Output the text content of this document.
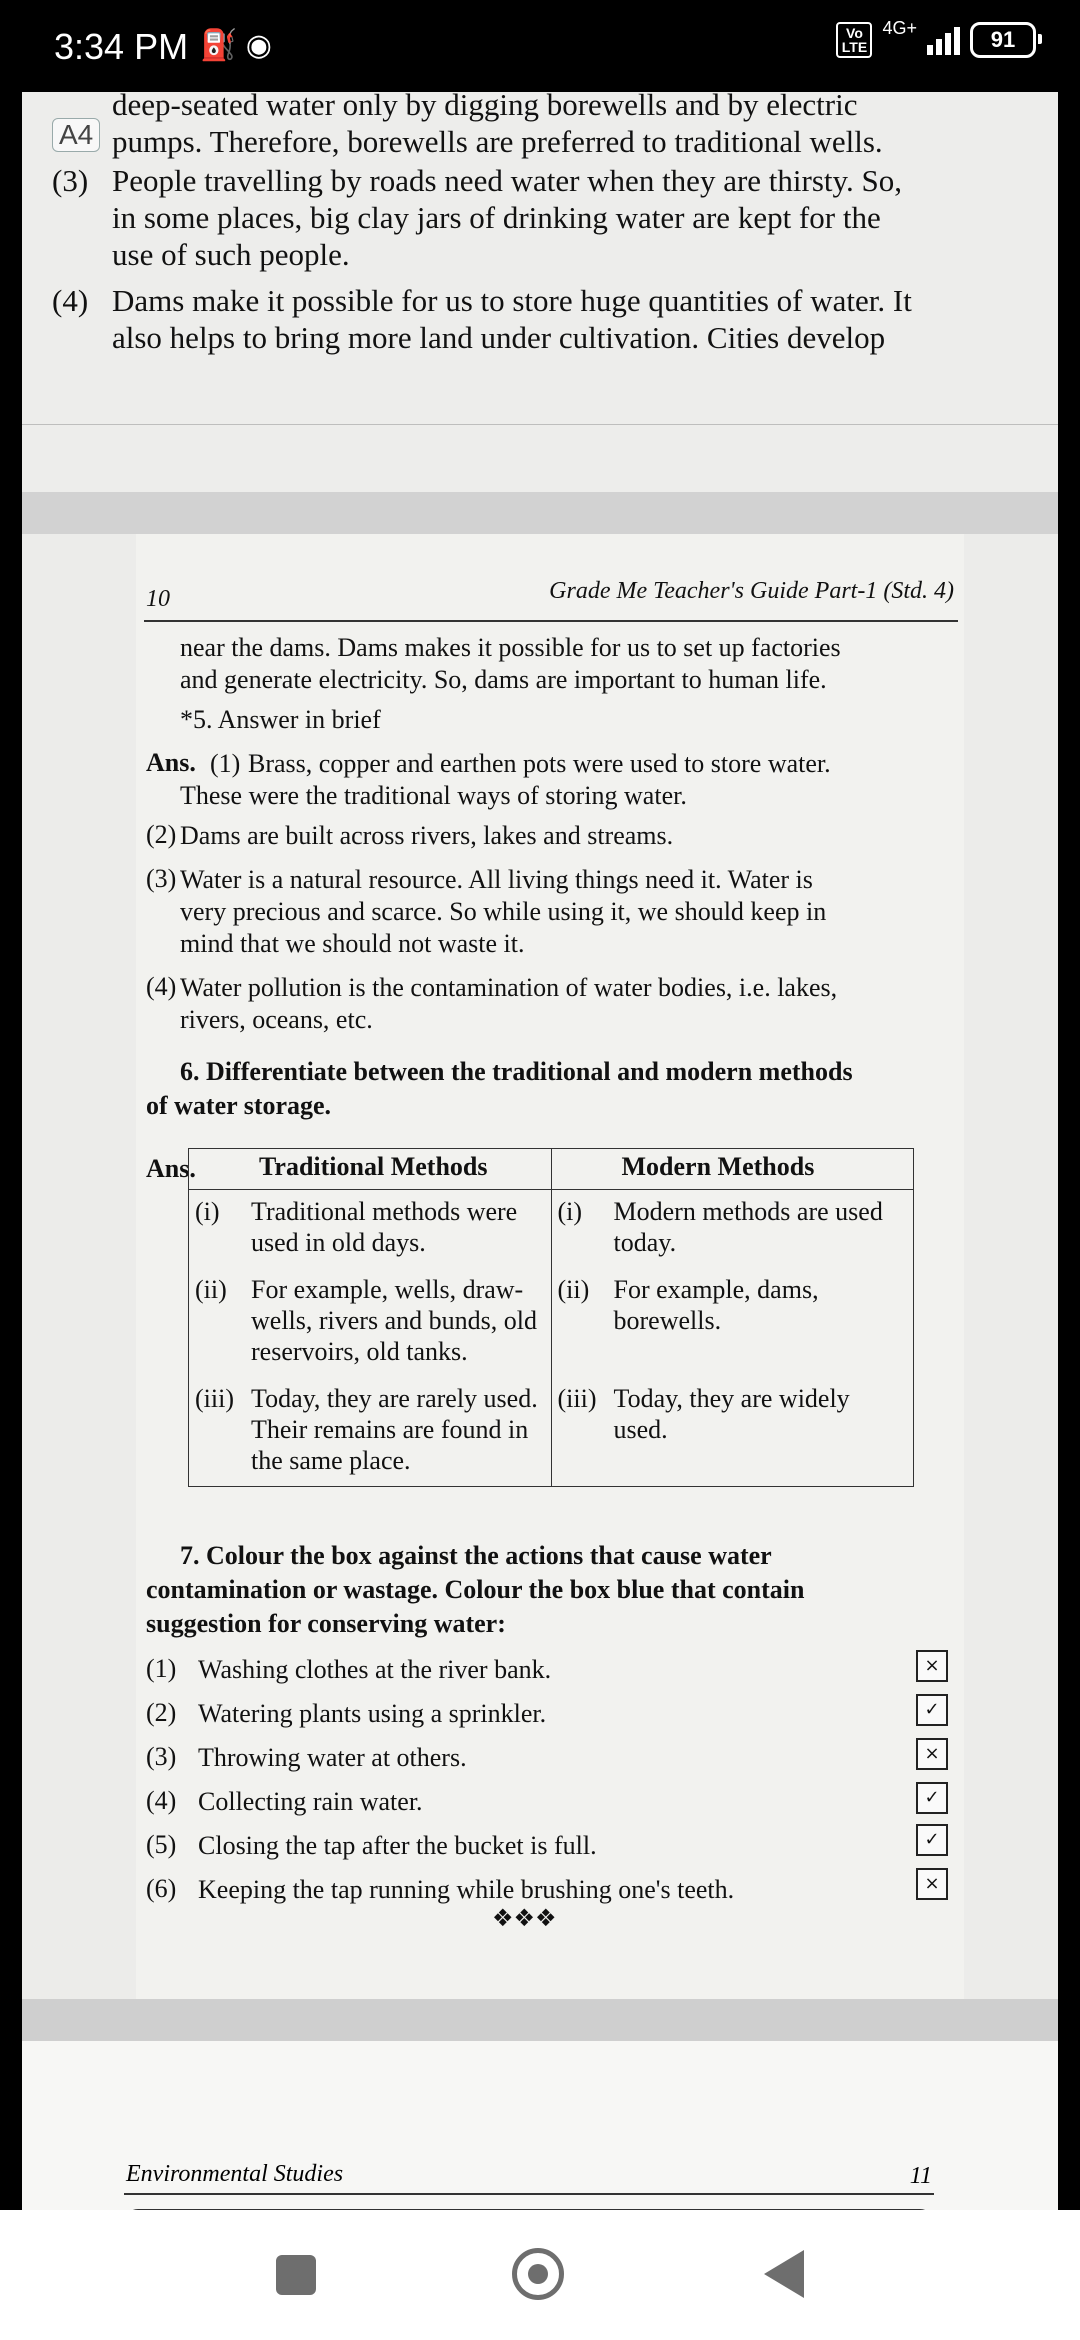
3:34 PM ⛽ ◉	Vo LTE
4G+	91

deep-seated water only by digging borewells and by electric

A4 pumps. Therefore, borewells are preferred to traditional wells.

(3) People travelling by roads need water when they are thirsty. So,

in some places, big clay jars of drinking water are kept for the

use of such people.

(4) Dams make it possible for us to store huge quantities of water. It

also helps to bring more land under cultivation. Cities develop

10	Grade Me Teacher's Guide Part-1 (Std. 4)

near the dams. Dams makes it possible for us to set up factories

and generate electricity. So, dams are important to human life.

*5. Answer in brief

Ans. (1) Brass, copper and earthen pots were used to store water.

These were the traditional ways of storing water.

(2) Dams are built across rivers, lakes and streams.

(3) Water is a natural resource. All living things need it. Water is

very precious and scarce. So while using it, we should keep in

mind that we should not waste it.

(4) Water pollution is the contamination of water bodies, i.e. lakes,

rivers, oceans, etc.

6. Differentiate between the traditional and modern methods

of water storage.

Ans. Traditional Methods	Modern Methods

(i) Traditional methods were used in old days.	(i) Modern methods are used today.

(ii) For example, wells, draw-wells, rivers and bunds, old reservoirs, old tanks.	(ii) For example, dams, borewells.

(iii) Today, they are rarely used. Their remains are found in the same place.	(iii) Today, they are widely used.

7. Colour the box against the actions that cause water

contamination or wastage. Colour the box blue that contain

suggestion for conserving water:

(1) Washing clothes at the river bank.	×
(2) Watering plants using a sprinkler.	✓
(3) Throwing water at others.	×
(4) Collecting rain water.	✓
(5) Closing the tap after the bucket is full.	✓
(6) Keeping the tap running while brushing one's teeth.	×
❖❖❖
Environmental Studies	11
